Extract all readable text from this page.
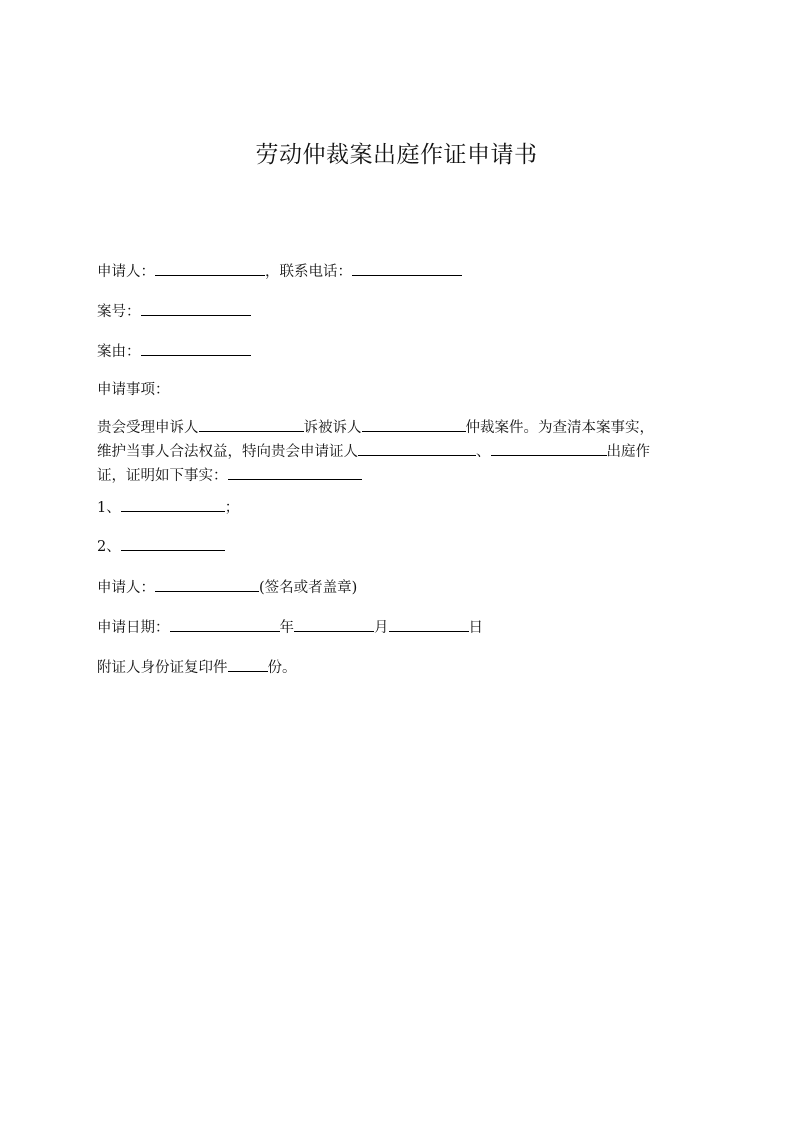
劳动仲裁案出庭作证申请书
申请人：	，联系电话：
案号：
案由：
申请事项：
贵会受理申诉人	诉被诉人	仲裁案件。为查清本案事实，
维护当事人合法权益，特向贵会申请证人	、	出庭作
证，证明如下事实：
1、	；
2、
申请人：	(签名或者盖章)
申请日期：	年	月	日
附证人身份证复印件	份。
